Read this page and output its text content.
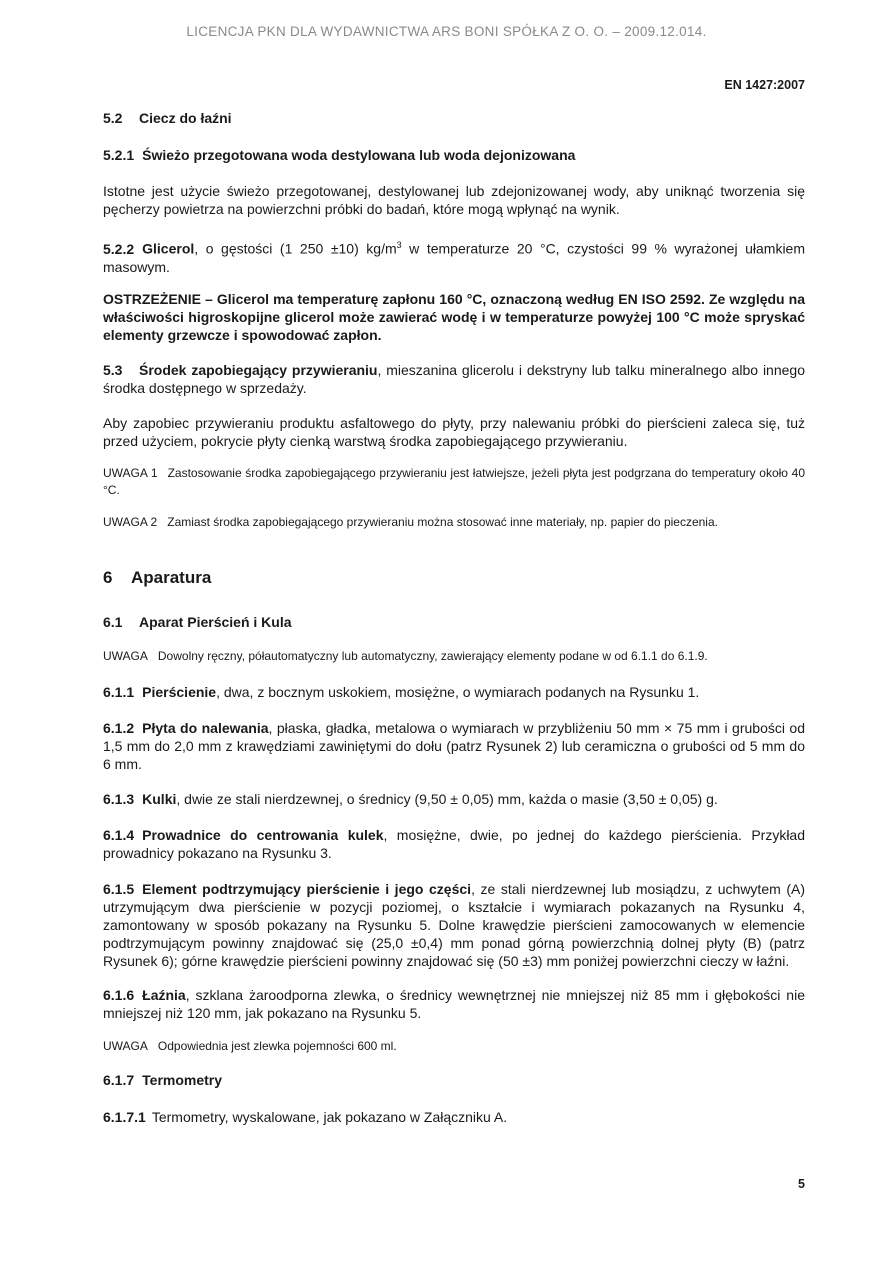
LICENCJA PKN DLA WYDAWNICTWA ARS BONI SPÓŁKA Z O. O. – 2009.12.014.
EN 1427:2007
5.2 Ciecz do łaźni
5.2.1 Świeżo przegotowana woda destylowana lub woda dejonizowana
Istotne jest użycie świeżo przegotowanej, destylowanej lub zdejonizowanej wody, aby uniknąć tworzenia się pęcherzy powietrza na powierzchni próbki do badań, które mogą wpłynąć na wynik.
5.2.2 Glicerol, o gęstości (1 250 ±10) $kg/m^3$ w temperaturze 20 °C, czystości 99 % wyrażonej ułamkiem masowym.
OSTRZEŻENIE – Glicerol ma temperaturę zapłonu 160 °C, oznaczoną według EN ISO 2592. Ze względu na właściwości higroskopijne glicerol może zawierać wodę i w temperaturze powyżej 100 °C może spryskać elementy grzewcze i spowodować zapłon.
5.3 Środek zapobiegający przywieraniu, mieszanina glicerolu i dekstryny lub talku mineralnego albo innego środka dostępnego w sprzedaży.
Aby zapobiec przywieraniu produktu asfaltowego do płyty, przy nalewaniu próbki do pierścieni zaleca się, tuż przed użyciem, pokrycie płyty cienką warstwą środka zapobiegającego przywieraniu.
UWAGA 1 Zastosowanie środka zapobiegającego przywieraniu jest łatwiejsze, jeżeli płyta jest podgrzana do temperatury około 40 °C.
UWAGA 2 Zamiast środka zapobiegającego przywieraniu można stosować inne materiały, np. papier do pieczenia.
6 Aparatura
6.1 Aparat Pierścień i Kula
UWAGA Dowolny ręczny, półautomatyczny lub automatyczny, zawierający elementy podane w od 6.1.1 do 6.1.9.
6.1.1 Pierścienie, dwa, z bocznym uskokiem, mosiężne, o wymiarach podanych na Rysunku 1.
6.1.2 Płyta do nalewania, płaska, gładka, metalowa o wymiarach w przybliżeniu 50 mm × 75 mm i grubości od 1,5 mm do 2,0 mm z krawędziami zawiniętymi do dołu (patrz Rysunek 2) lub ceramiczna o grubości od 5 mm do 6 mm.
6.1.3 Kulki, dwie ze stali nierdzewnej, o średnicy (9,50 ± 0,05) mm, każda o masie (3,50 ± 0,05) g.
6.1.4 Prowadnice do centrowania kulek, mosiężne, dwie, po jednej do każdego pierścienia. Przykład prowadnicy pokazano na Rysunku 3.
6.1.5 Element podtrzymujący pierścienie i jego części, ze stali nierdzewnej lub mosiądzu, z uchwytem (A) utrzymującym dwa pierścienie w pozycji poziomej, o kształcie i wymiarach pokazanych na Rysunku 4, zamontowany w sposób pokazany na Rysunku 5. Dolne krawędzie pierścieni zamocowanych w elemencie podtrzymującym powinny znajdować się (25,0 ±0,4) mm ponad górną powierzchnią dolnej płyty (B) (patrz Rysunek 6); górne krawędzie pierścieni powinny znajdować się (50 ±3) mm poniżej powierzchni cieczy w łaźni.
6.1.6 Łaźnia, szklana żaroodporna zlewka, o średnicy wewnętrznej nie mniejszej niż 85 mm i głębokości nie mniejszej niż 120 mm, jak pokazano na Rysunku 5.
UWAGA Odpowiednia jest zlewka pojemności 600 ml.
6.1.7 Termometry
6.1.7.1 Termometry, wyskalowane, jak pokazano w Załączniku A.
5
